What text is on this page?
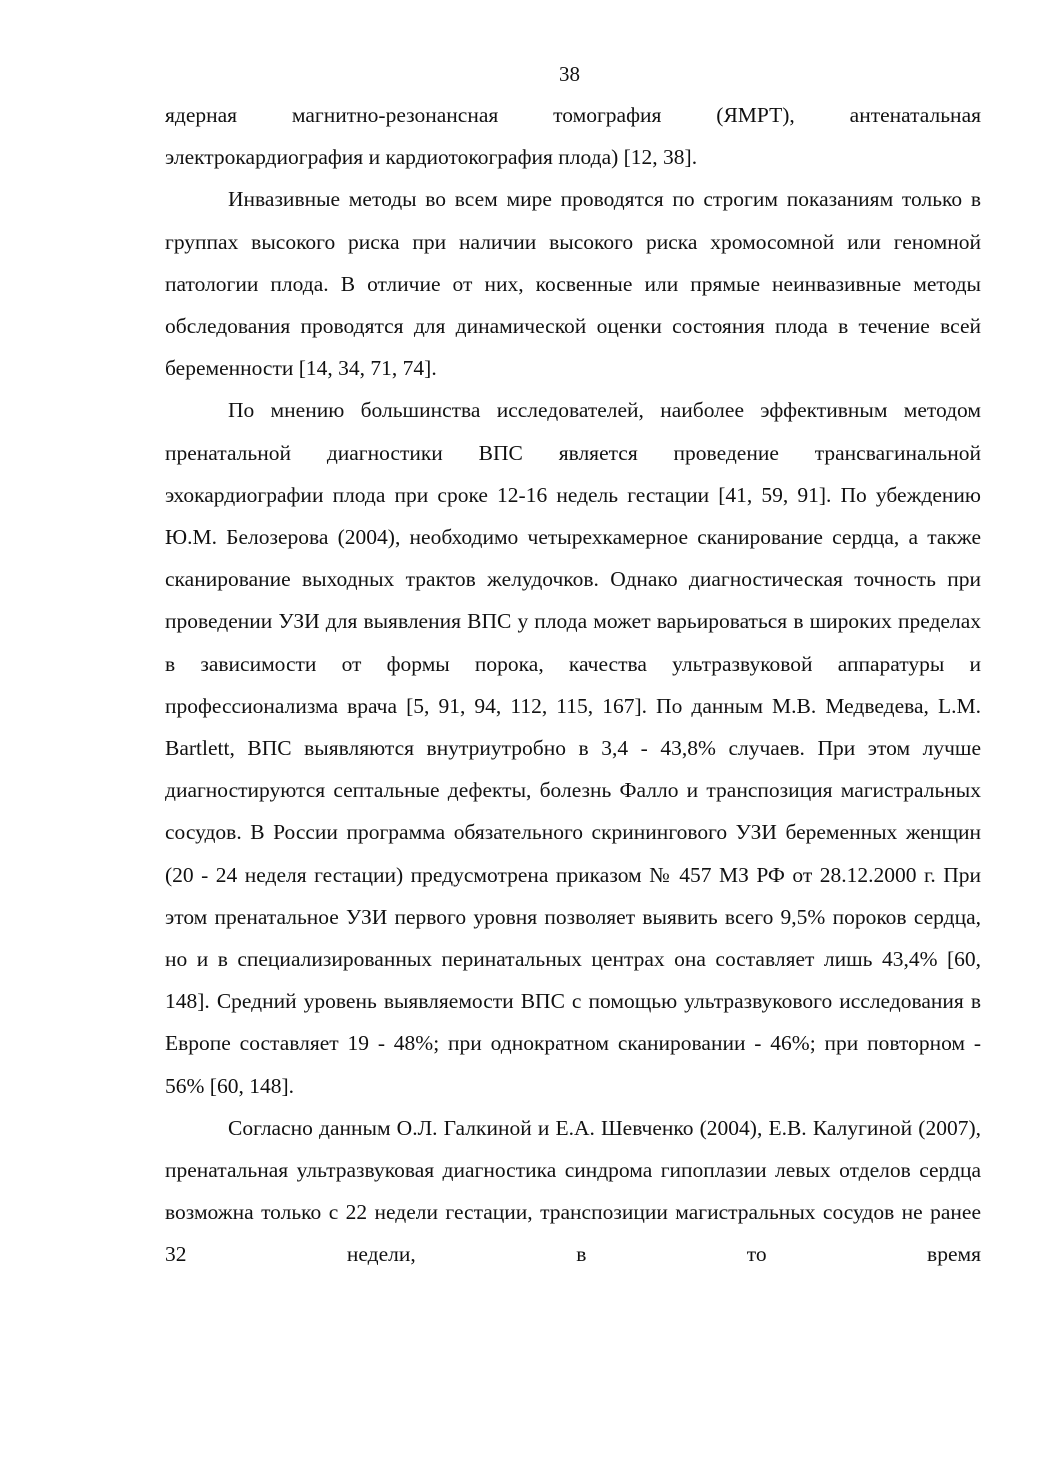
38

ядерная магнитно-резонансная томография (ЯМРТ), антенатальная электрокардиография и кардиотокография плода) [12, 38].

Инвазивные методы во всем мире проводятся по строгим показаниям только в группах высокого риска при наличии высокого риска хромосомной или геномной патологии плода. В отличие от них, косвенные или прямые неинвазивные методы обследования проводятся для динамической оценки состояния плода в течение всей беременности [14, 34, 71, 74].

По мнению большинства исследователей, наиболее эффективным методом пренатальной диагностики ВПС является проведение трансвагинальной эхокардиографии плода при сроке 12-16 недель гестации [41, 59, 91]. По убеждению Ю.М. Белозерова (2004), необходимо четырехкамерное сканирование сердца, а также сканирование выходных трактов желудочков. Однако диагностическая точность при проведении УЗИ для выявления ВПС у плода может варьироваться в широких пределах в зависимости от формы порока, качества ультразвуковой аппаратуры и профессионализма врача [5, 91, 94, 112, 115, 167]. По данным М.В. Медведева, L.M. Bartlett, ВПС выявляются внутриутробно в 3,4 - 43,8% случаев. При этом лучше диагностируются септальные дефекты, болезнь Фалло и транспозиция магистральных сосудов. В России программа обязательного скринингового УЗИ беременных женщин (20 ‐ 24 неделя гестации) предусмотрена приказом № 457 МЗ РФ от 28.12.2000 г. При этом пренатальное УЗИ первого уровня позволяет выявить всего 9,5% пороков сердца, но и в специализированных перинатальных центрах она составляет лишь 43,4% [60, 148]. Средний уровень выявляемости ВПС с помощью ультразвукового исследования в Европе составляет 19 ‐ 48%; при однократном сканировании ‐ 46%; при повторном ‐ 56% [60, 148].

Согласно данным О.Л. Галкиной и Е.А. Шевченко (2004), Е.В. Калугиной (2007), пренатальная ультразвуковая диагностика синдрома гипоплазии левых отделов сердца возможна только с 22 недели гестации, транспозиции магистральных сосудов не ранее 32 недели, в то время
